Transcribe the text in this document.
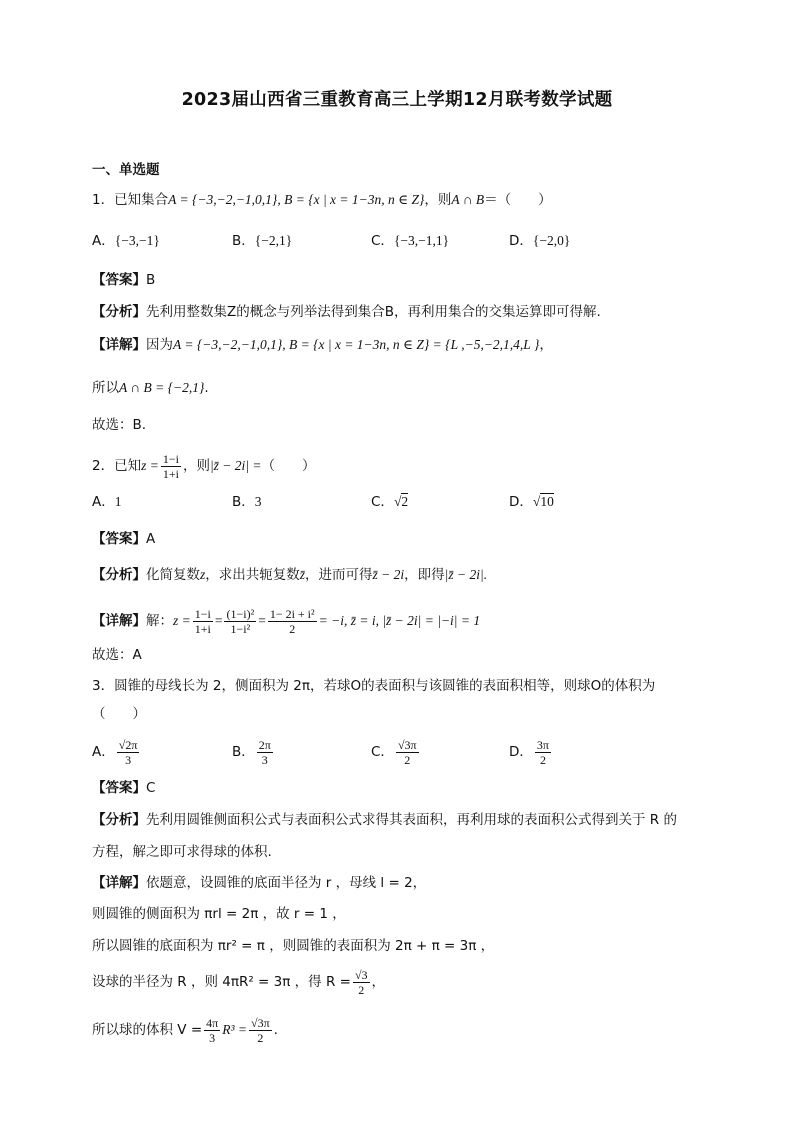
2023届山西省三重教育高三上学期12月联考数学试题
一、单选题
1．已知集合A = {−3,−2,−1,0,1}, B = {x | x = 1−3n, n ∈ Z}，则A ∩ B＝（　　）
A．{−3,−1}	B．{−2,1}	C．{−3,−1,1}	D．{−2,0}
【答案】B
【分析】先利用整数集Z的概念与列举法得到集合B，再利用集合的交集运算即可得解.
【详解】因为A = {−3,−2,−1,0,1}, B = {x | x = 1−3n, n ∈ Z} = {L ,−5,−2,1,4,L }，
所以A ∩ B = {−2,1}.
故选：B.
2．已知$z = \frac{1-i}{1+i}$ ，则|z̄ − 2i| =（　　）
A．1	B．3	C．√2	D．√10
【答案】A
【分析】化简复数z，求出共轭复数z̄，进而可得z̄ − 2i，即得|z̄ − 2i|.
【详解】解：$z = \frac{1-i}{1+i} = \frac{\text{(1−i)²}}{\text{1−i²}} = \frac{\text{1− 2i + i²}}{2} = -i$, z̄ = i, |z̄ − 2i| = |−i| = 1
故选：A
3．圆锥的母线长为 2，侧面积为 2π，若球O的表面积与该圆锥的表面积相等，则球O的体积为
（　　）
A． $\frac{√2\pi}{3}$	B． $\frac{2\pi}{3}$	C． $\frac{√3\pi}{2}$	D． $\frac{3\pi}{2}$
【答案】C
【分析】先利用圆锥侧面积公式与表面积公式求得其表面积，再利用球的表面积公式得到关于 R 的
方程，解之即可求得球的体积.
【详解】依题意，设圆锥的底面半径为 r ，母线 l = 2，
则圆锥的侧面积为 πrl = 2π ，故 r = 1 ，
所以圆锥的底面积为 πr² = π ，则圆锥的表面积为 2π + π = 3π ，
设球的半径为 R ，则 4πR² = 3π ，得 $R = \frac{√3}{2}$ ，
所以球的体积 $V = \frac{4\pi}{3} R^3 = \frac{√3\pi}{2}$ .
